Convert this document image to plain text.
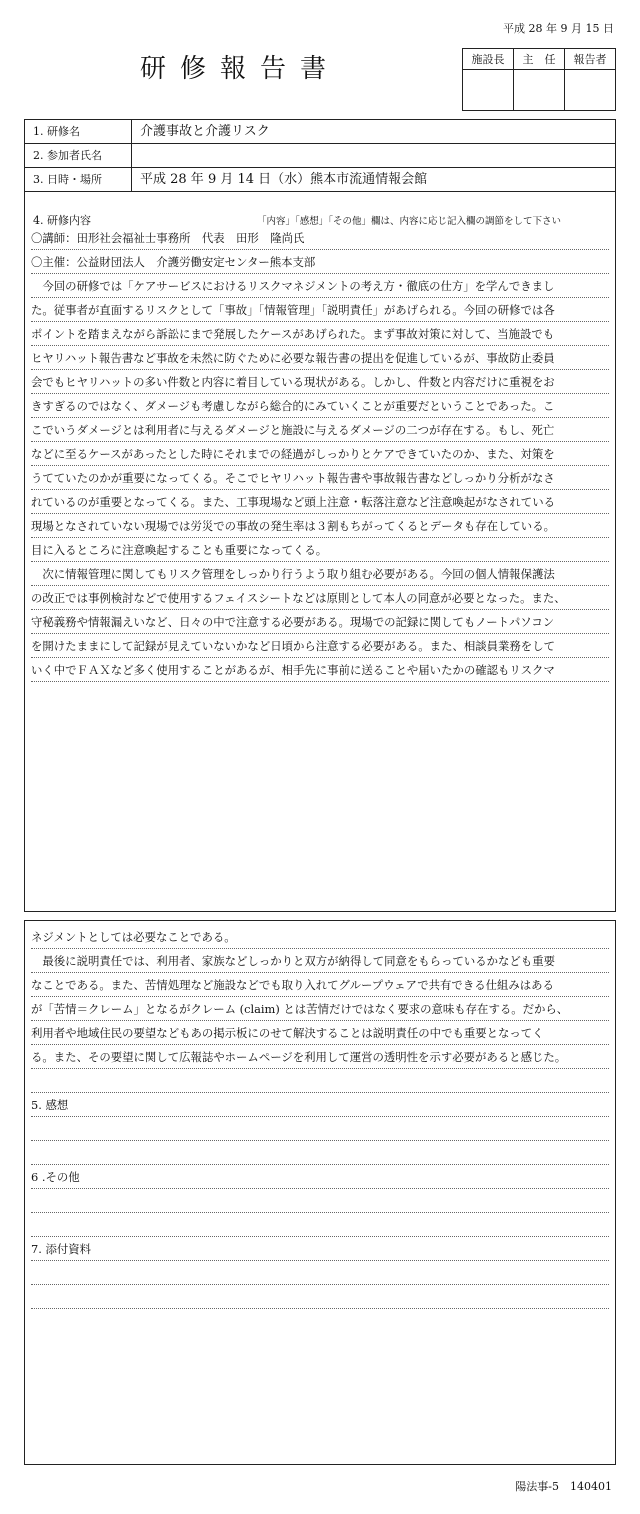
平成 28 年 9 月 15 日
研修報告書	施設長	主　任	報告者

1. 研修名	介護事故と介護リスク
2. 参加者氏名
3. 日時・場所	平成 28 年 9 月 14 日（水）熊本市流通情報会館
4. 研修内容	「内容」「感想」「その他」欄は、内容に応じ記入欄の調節をして下さい
〇講師：田形社会福祉士事務所　代表　田形　隆尚氏
〇主催：公益財団法人　介護労働安定センター熊本支部
　今回の研修では「ケアサービスにおけるリスクマネジメントの考え方・徹底の仕方」を学んできまし
た。従事者が直面するリスクとして「事故」「情報管理」「説明責任」があげられる。今回の研修では各
ポイントを踏まえながら訴訟にまで発展したケースがあげられた。まず事故対策に対して、当施設でも
ヒヤリハット報告書など事故を未然に防ぐために必要な報告書の提出を促進しているが、事故防止委員
会でもヒヤリハットの多い件数と内容に着目している現状がある。しかし、件数と内容だけに重視をお
きすぎるのではなく、ダメージも考慮しながら総合的にみていくことが重要だということであった。こ
こでいうダメージとは利用者に与えるダメージと施設に与えるダメージの二つが存在する。もし、死亡
などに至るケースがあったとした時にそれまでの経過がしっかりとケアできていたのか、また、対策を
うてていたのかが重要になってくる。そこでヒヤリハット報告書や事故報告書などしっかり分析がなさ
れているのが重要となってくる。また、工事現場など頭上注意・転落注意など注意喚起がなされている
現場となされていない現場では労災での事故の発生率は３割もちがってくるとデータも存在している。
目に入るところに注意喚起することも重要になってくる。
　次に情報管理に関してもリスク管理をしっかり行うよう取り組む必要がある。今回の個人情報保護法
の改正では事例検討などで使用するフェイスシートなどは原則として本人の同意が必要となった。また、
守秘義務や情報漏えいなど、日々の中で注意する必要がある。現場での記録に関してもノートパソコン
を開けたままにして記録が見えていないかなど日頃から注意する必要がある。また、相談員業務をして
いく中でＦＡＸなど多く使用することがあるが、相手先に事前に送ることや届いたかの確認もリスクマ
ネジメントとしては必要なことである。
　最後に説明責任では、利用者、家族などしっかりと双方が納得して同意をもらっているかなども重要
なことである。また、苦情処理など施設などでも取り入れてグループウェアで共有できる仕組みはある
が「苦情＝クレーム」となるがクレーム (claim) とは苦情だけではなく要求の意味も存在する。だから、
利用者や地域住民の要望などもあの掲示板にのせて解決することは説明責任の中でも重要となってく
る。また、その要望に関して広報誌やホームページを利用して運営の透明性を示す必要があると感じた。
5. 感想
6 .その他
7. 添付資料
陽法事-5　140401
